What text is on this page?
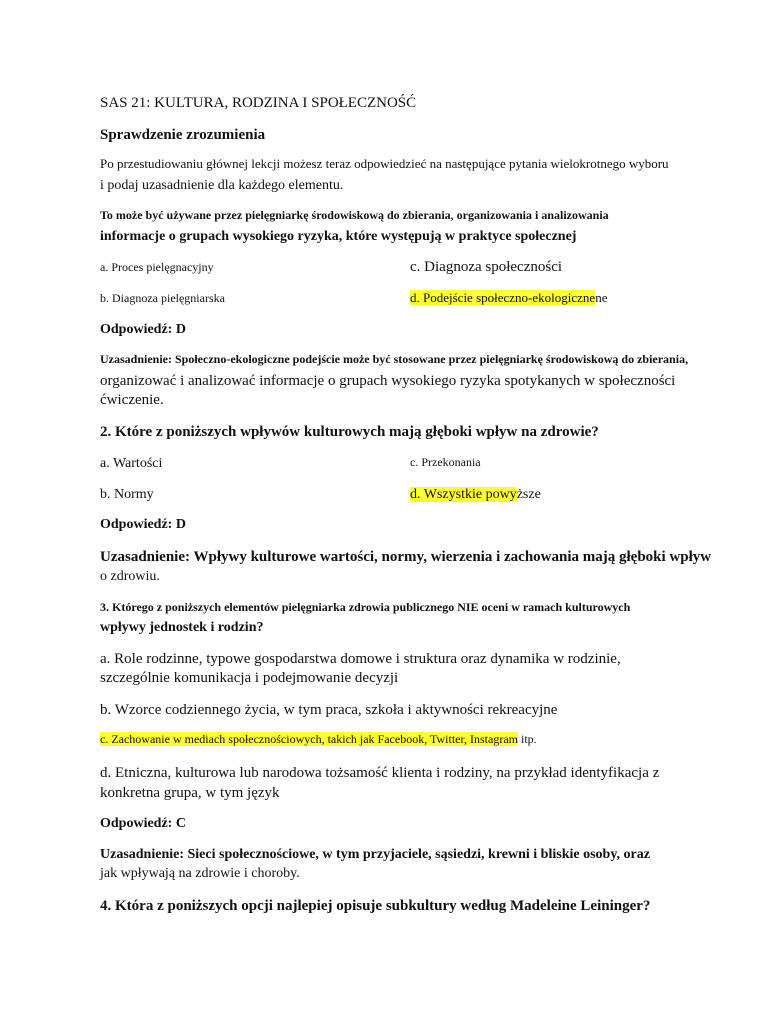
SAS 21: KULTURA, RODZINA I SPOŁECZNOŚĆ
Sprawdzenie zrozumienia
Po przestudiowaniu głównej lekcji możesz teraz odpowiedzieć na następujące pytania wielokrotnego wyboru
i podaj uzasadnienie dla każdego elementu.
To może być używane przez pielęgniarkę środowiskową do zbierania, organizowania i analizowania
informacje o grupach wysokiego ryzyka, które występują w praktyce społecznej
a. Proces pielęgnacyjny	c. Diagnoza społeczności
b. Diagnoza pielęgniarska	d. Podejście społeczno-ekologicznene
Odpowiedź: D
Uzasadnienie: Społeczno-ekologiczne podejście może być stosowane przez pielęgniarkę środowiskową do zbierania,
organizować i analizować informacje o grupach wysokiego ryzyka spotykanych w społeczności
ćwiczenie.
2. Które z poniższych wpływów kulturowych mają głęboki wpływ na zdrowie?
a. Wartości	c. Przekonania
b. Normy	d. Wszystkie powyższe
Odpowiedź: D
Uzasadnienie: Wpływy kulturowe wartości, normy, wierzenia i zachowania mają głęboki wpływ
o zdrowiu.
3. Którego z poniższych elementów pielęgniarka zdrowia publicznego NIE oceni w ramach kulturowych
wpływy jednostek i rodzin?
a. Role rodzinne, typowe gospodarstwa domowe i struktura oraz dynamika w rodzinie,
szczególnie komunikacja i podejmowanie decyzji
b. Wzorce codziennego życia, w tym praca, szkoła i aktywności rekreacyjne
c. Zachowanie w mediach społecznościowych, takich jak Facebook, Twitter, Instagram itp.
d. Etniczna, kulturowa lub narodowa tożsamość klienta i rodziny, na przykład identyfikacja z
konkretna grupa, w tym język
Odpowiedź: C
Uzasadnienie: Sieci społecznościowe, w tym przyjaciele, sąsiedzi, krewni i bliskie osoby, oraz
jak wpływają na zdrowie i choroby.
4. Która z poniższych opcji najlepiej opisuje subkultury według Madeleine Leininger?
